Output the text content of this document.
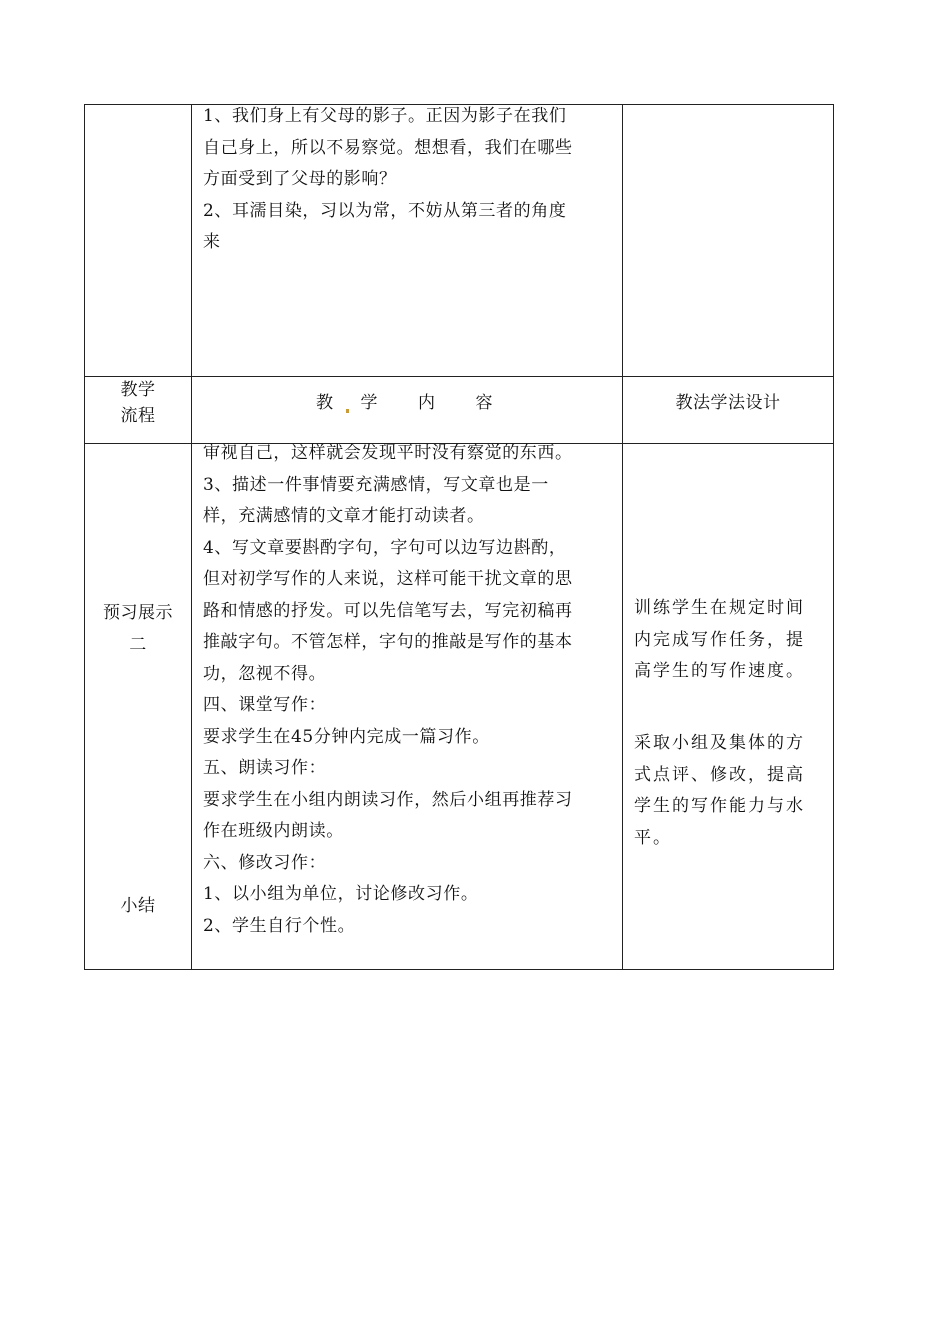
1、我们身上有父母的影子。正因为影子在我们
自己身上，所以不易察觉。想想看，我们在哪些
方面受到了父母的影响？
2、耳濡目染，习以为常，不妨从第三者的角度
来
教学
流程
教 学 内 容	教法学法设计
预习展示
二
小结
审视自己，这样就会发现平时没有察觉的东西。
3、描述一件事情要充满感情，写文章也是一
样，充满感情的文章才能打动读者。
4、写文章要斟酌字句，字句可以边写边斟酌，
但对初学写作的人来说，这样可能干扰文章的思
路和情感的抒发。可以先信笔写去，写完初稿再
推敲字句。不管怎样，字句的推敲是写作的基本
功，忽视不得。
四、课堂写作：
要求学生在45分钟内完成一篇习作。
五、朗读习作：
要求学生在小组内朗读习作，然后小组再推荐习
作在班级内朗读。
六、修改习作：
1、以小组为单位，讨论修改习作。
2、学生自行个性。
训练学生在规定时间
内完成写作任务，提
高学生的写作速度。
采取小组及集体的方
式点评、修改，提高
学生的写作能力与水
平。
